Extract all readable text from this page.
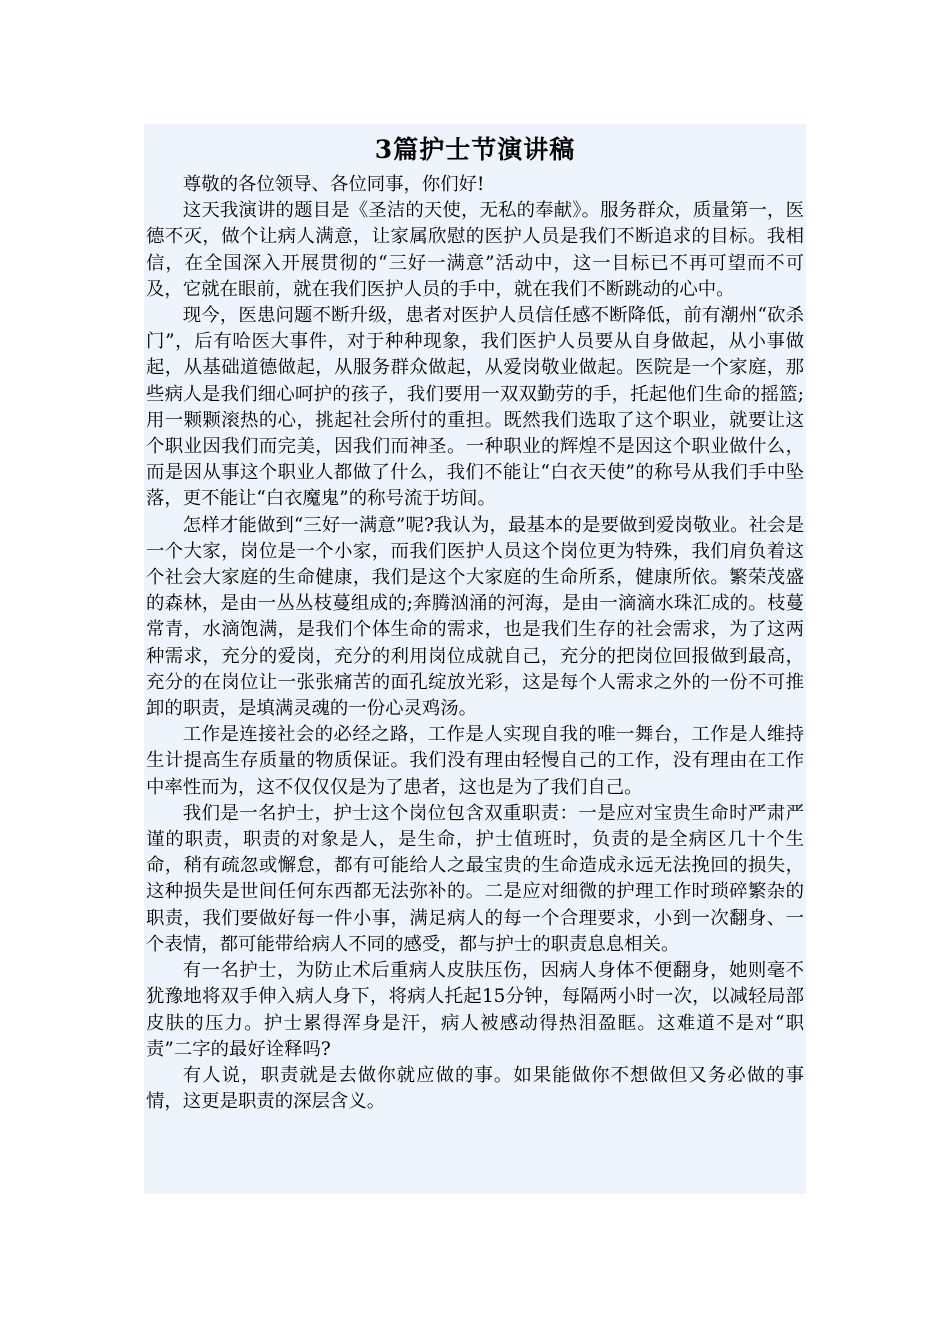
3篇护士节演讲稿

尊敬的各位领导、各位同事，你们好!

这天我演讲的题目是《圣洁的天使，无私的奉献》。服务群众，质量第一，医德不灭，做个让病人满意，让家属欣慰的医护人员是我们不断追求的目标。我相信，在全国深入开展贯彻的“三好一满意”活动中，这一目标已不再可望而不可及，它就在眼前，就在我们医护人员的手中，就在我们不断跳动的心中。

现今，医患问题不断升级，患者对医护人员信任感不断降低，前有潮州“砍杀门”，后有哈医大事件，对于种种现象，我们医护人员要从自身做起，从小事做起，从基础道德做起，从服务群众做起，从爱岗敬业做起。医院是一个家庭，那些病人是我们细心呵护的孩子，我们要用一双双勤劳的手，托起他们生命的摇篮;用一颗颗滚热的心，挑起社会所付的重担。既然我们选取了这个职业，就要让这个职业因我们而完美，因我们而神圣。一种职业的辉煌不是因这个职业做什么，而是因从事这个职业人都做了什么，我们不能让“白衣天使”的称号从我们手中坠落，更不能让“白衣魔鬼”的称号流于坊间。

怎样才能做到“三好一满意”呢?我认为，最基本的是要做到爱岗敬业。社会是一个大家，岗位是一个小家，而我们医护人员这个岗位更为特殊，我们肩负着这个社会大家庭的生命健康，我们是这个大家庭的生命所系，健康所依。繁荣茂盛的森林，是由一丛丛枝蔓组成的;奔腾汹涌的河海，是由一滴滴水珠汇成的。枝蔓常青，水滴饱满，是我们个体生命的需求，也是我们生存的社会需求，为了这两种需求，充分的爱岗，充分的利用岗位成就自己，充分的把岗位回报做到最高，充分的在岗位让一张张痛苦的面孔绽放光彩，这是每个人需求之外的一份不可推卸的职责，是填满灵魂的一份心灵鸡汤。

工作是连接社会的必经之路，工作是人实现自我的唯一舞台，工作是人维持生计提高生存质量的物质保证。我们没有理由轻慢自己的工作，没有理由在工作中率性而为，这不仅仅仅是为了患者，这也是为了我们自己。

我们是一名护士，护士这个岗位包含双重职责：一是应对宝贵生命时严肃严谨的职责，职责的对象是人，是生命，护士值班时，负责的是全病区几十个生命，稍有疏忽或懈怠，都有可能给人之最宝贵的生命造成永远无法挽回的损失，这种损失是世间任何东西都无法弥补的。二是应对细微的护理工作时琐碎繁杂的职责，我们要做好每一件小事，满足病人的每一个合理要求，小到一次翻身、一个表情，都可能带给病人不同的感受，都与护士的职责息息相关。

有一名护士，为防止术后重病人皮肤压伤，因病人身体不便翻身，她则毫不犹豫地将双手伸入病人身下，将病人托起15分钟，每隔两小时一次，以减轻局部皮肤的压力。护士累得浑身是汗，病人被感动得热泪盈眶。这难道不是对“职责”二字的最好诠释吗?

有人说，职责就是去做你就应做的事。如果能做你不想做但又务必做的事情，这更是职责的深层含义。
